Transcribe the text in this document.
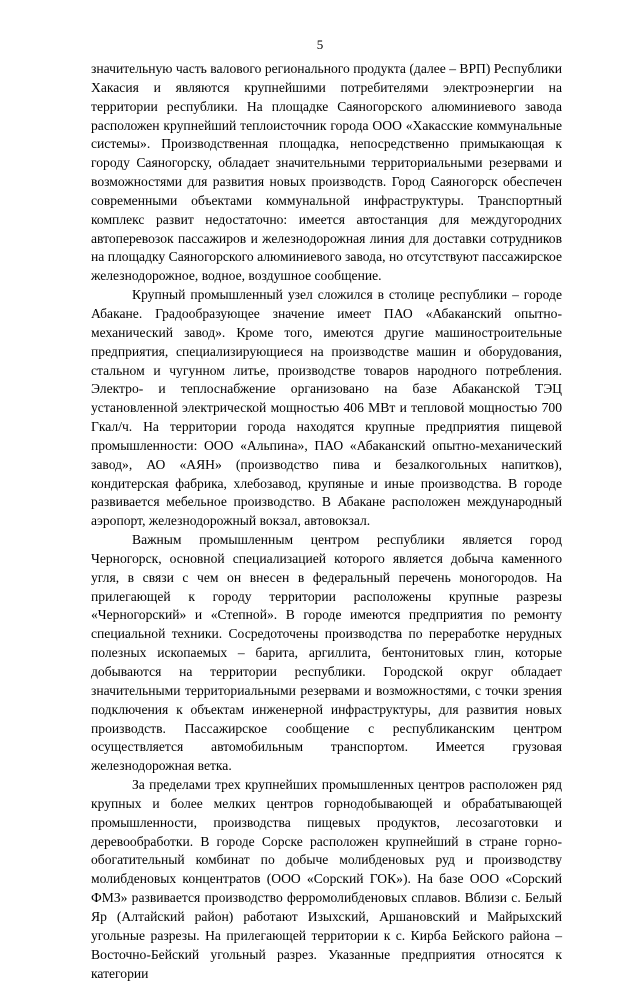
5

значительную часть валового регионального продукта (далее – ВРП) Республики Хакасия и являются крупнейшими потребителями электроэнергии на территории республики. На площадке Саяногорского алюминиевого завода расположен крупнейший теплоисточник города ООО «Хакасские коммунальные системы». Производственная площадка, непосредственно примыкающая к городу Саяногорску, обладает значительными территориальными резервами и возможностями для развития новых производств. Город Саяногорск обеспечен современными объектами коммунальной инфраструктуры. Транспортный комплекс развит недостаточно: имеется автостанция для междугородних автоперевозок пассажиров и железнодорожная линия для доставки сотрудников на площадку Саяногорского алюминиевого завода, но отсутствуют пассажирское железнодорожное, водное, воздушное сообщение.

Крупный промышленный узел сложился в столице республики – городе Абакане. Градообразующее значение имеет ПАО «Абаканский опытно-механический завод». Кроме того, имеются другие машиностроительные предприятия, специализирующиеся на производстве машин и оборудования, стальном и чугунном литье, производстве товаров народного потребления. Электро- и теплоснабжение организовано на базе Абаканской ТЭЦ установленной электрической мощностью 406 МВт и тепловой мощностью 700 Гкал/ч. На территории города находятся крупные предприятия пищевой промышленности: ООО «Альпина», ПАО «Абаканский опытно-механический завод», АО «АЯН» (производство пива и безалкогольных напитков), кондитерская фабрика, хлебозавод, крупяные и иные производства. В городе развивается мебельное производство. В Абакане расположен международный аэропорт, железнодорожный вокзал, автовокзал.

Важным промышленным центром республики является город Черногорск, основной специализацией которого является добыча каменного угля, в связи с чем он внесен в федеральный перечень моногородов. На прилегающей к городу территории расположены крупные разрезы «Черногорский» и «Степной». В городе имеются предприятия по ремонту специальной техники. Сосредоточены производства по переработке нерудных полезных ископаемых – барита, аргиллита, бентонитовых глин, которые добываются на территории республики. Городской округ обладает значительными территориальными резервами и возможностями, с точки зрения подключения к объектам инженерной инфраструктуры, для развития новых производств. Пассажирское сообщение с республиканским центром осуществляется автомобильным транспортом. Имеется грузовая железнодорожная ветка.

За пределами трех крупнейших промышленных центров расположен ряд крупных и более мелких центров горнодобывающей и обрабатывающей промышленности, производства пищевых продуктов, лесозаготовки и деревообработки. В городе Сорске расположен крупнейший в стране горно-обогатительный комбинат по добыче молибденовых руд и производству молибденовых концентратов (ООО «Сорский ГОК»). На базе ООО «Сорский ФМЗ» развивается производство ферромолибденовых сплавов. Вблизи с. Белый Яр (Алтайский район) работают Изыхский, Аршановский и Майрыхский угольные разрезы. На прилегающей территории к с. Кирба Бейского района – Восточно-Бейский угольный разрез. Указанные предприятия относятся к категории
